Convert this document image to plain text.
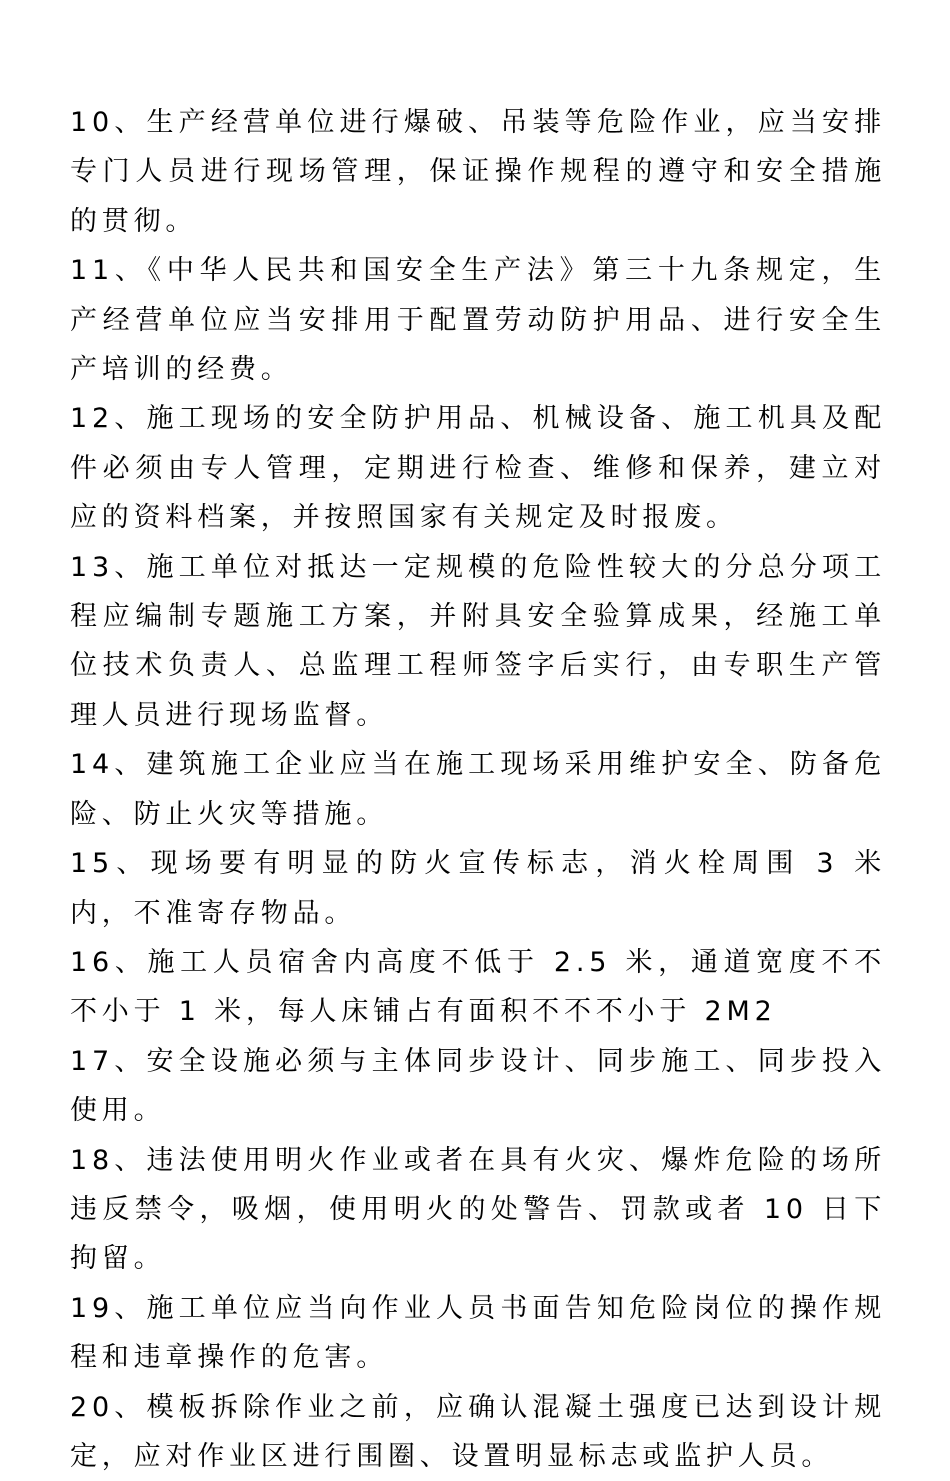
10、生产经营单位进行爆破、吊装等危险作业，应当安排专门人员进行现场管理，保证操作规程的遵守和安全措施的贯彻。

11、《中华人民共和国安全生产法》第三十九条规定，生产经营单位应当安排用于配置劳动防护用品、进行安全生产培训的经费。

12、施工现场的安全防护用品、机械设备、施工机具及配件必须由专人管理，定期进行检查、维修和保养，建立对应的资料档案，并按照国家有关规定及时报废。

13、施工单位对抵达一定规模的危险性较大的分总分项工程应编制专题施工方案，并附具安全验算成果，经施工单位技术负责人、总监理工程师签字后实行，由专职生产管理人员进行现场监督。

14、建筑施工企业应当在施工现场采用维护安全、防备危险、防止火灾等措施。

15、现场要有明显的防火宣传标志，消火栓周围 3 米内，不准寄存物品。

16、施工人员宿舍内高度不低于 2.5 米，通道宽度不不不小于 1 米，每人床铺占有面积不不不小于 2M2

17、安全设施必须与主体同步设计、同步施工、同步投入使用。

18、违法使用明火作业或者在具有火灾、爆炸危险的场所违反禁令，吸烟，使用明火的处警告、罚款或者 10 日下拘留。

19、施工单位应当向作业人员书面告知危险岗位的操作规程和违章操作的危害。

20、模板拆除作业之前，应确认混凝土强度已达到设计规定，应对作业区进行围圈、设置明显标志或监护人员。
